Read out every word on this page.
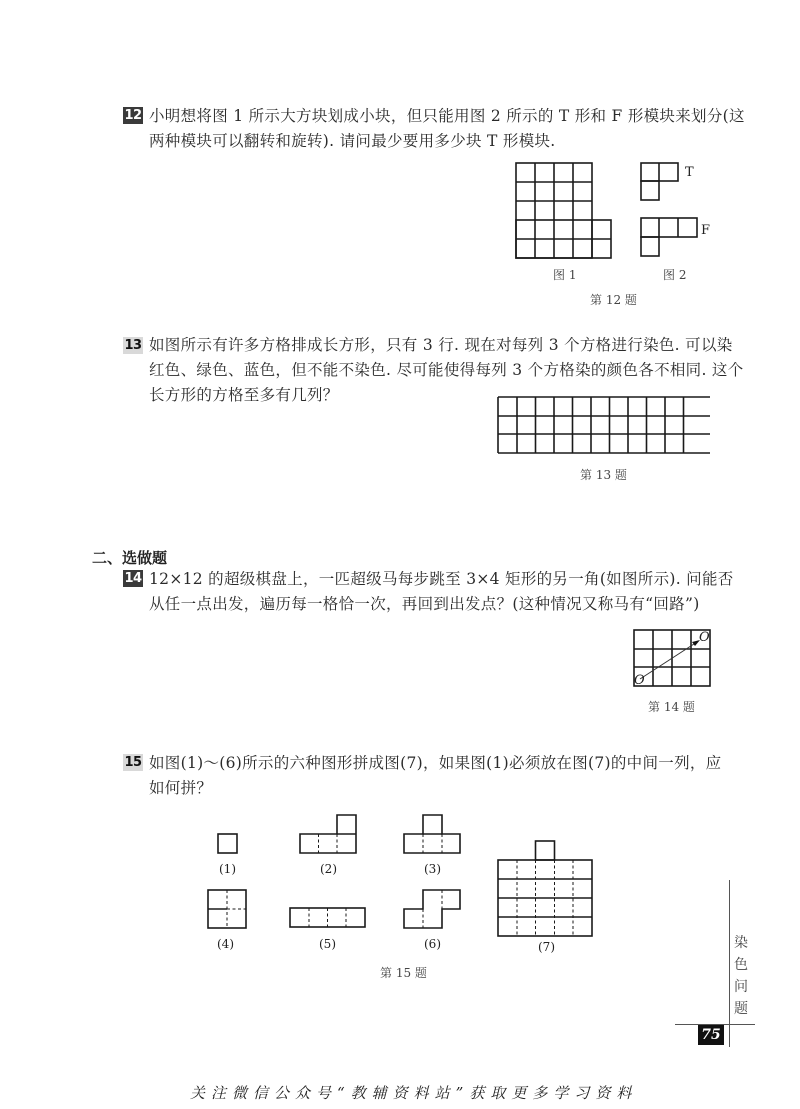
12 小明想将图 1 所示大方块划成小块，但只能用图 2 所示的 T 形和 F 形模块来划分(这
两种模块可以翻转和旋转). 请问最少要用多少块 T 形模块.
T
F
图 1	图 2
第 12 题
13 如图所示有许多方格排成长方形，只有 3 行. 现在对每列 3 个方格进行染色. 可以染
红色、绿色、蓝色，但不能不染色. 尽可能使得每列 3 个方格染的颜色各不相同. 这个
长方形的方格至多有几列？
第 13 题
二、选做题
14 12×12 的超级棋盘上，一匹超级马每步跳至 3×4 矩形的另一角(如图所示). 问能否
从任一点出发，遍历每一格恰一次，再回到出发点？(这种情况又称马有“回路”)
O
O
第 14 题
15 如图(1)～(6)所示的六种图形拼成图(7)，如果图(1)必须放在图(7)的中间一列，应
如何拼？
(1)	(2)	(3)
(4)	(5)	(6)	(7)
第 15 题
染
色
问
题
75
关注微信公众号“教辅资料站”获取更多学习资料
